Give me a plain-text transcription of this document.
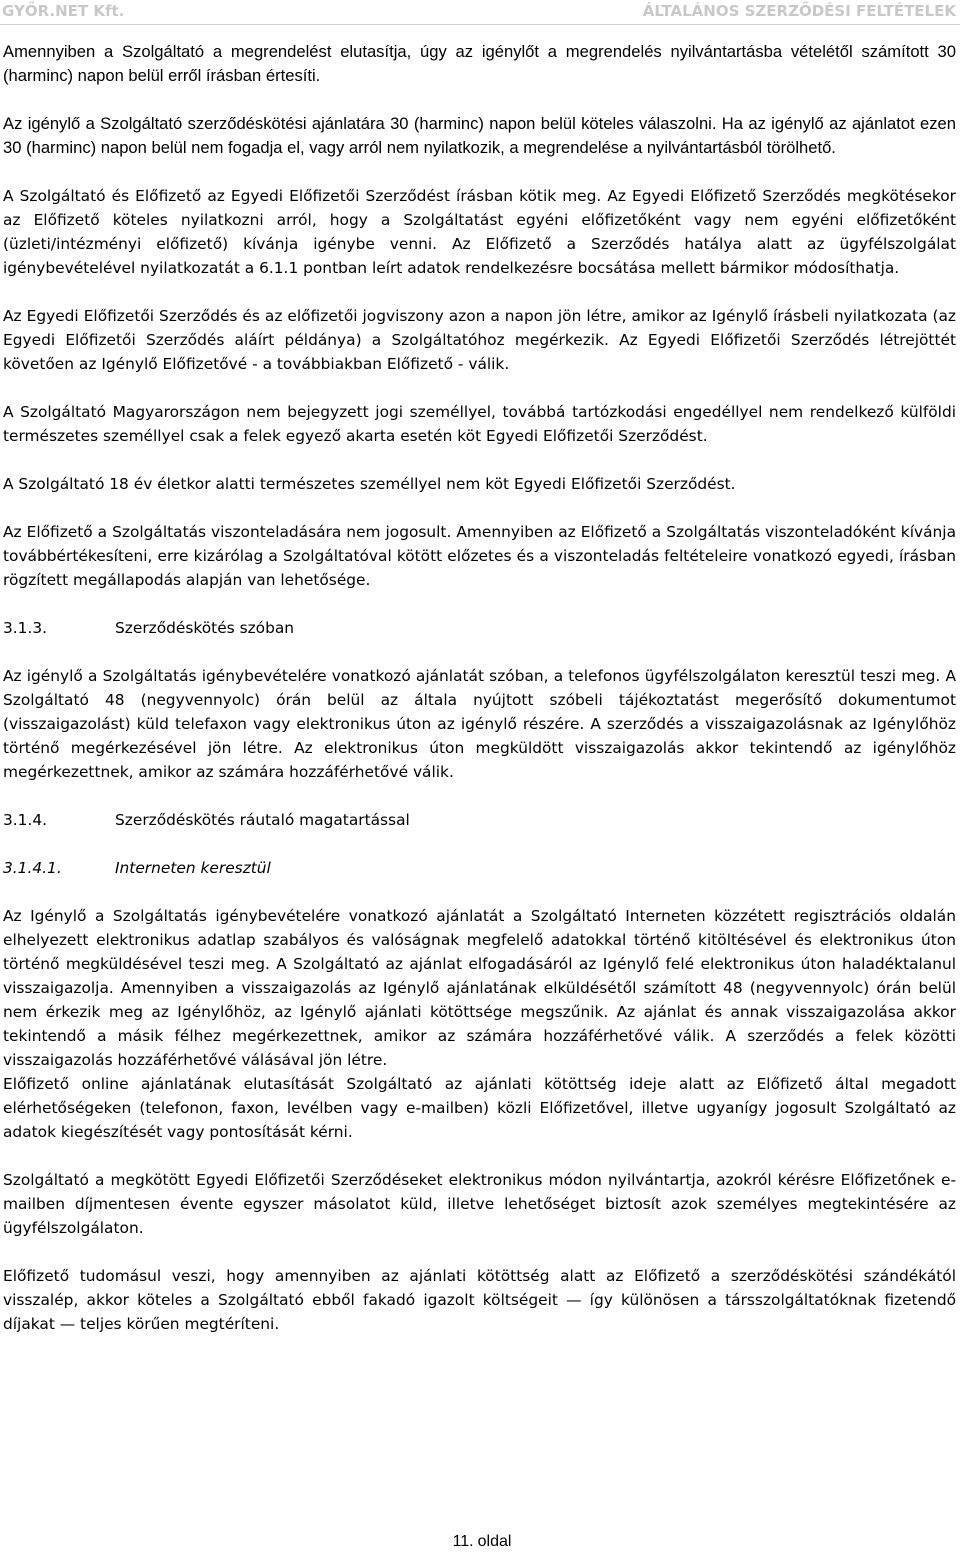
GYŐR.NET Kft.	ÁLTALÁNOS SZERZŐDÉSI FELTÉTELEK

Amennyiben a Szolgáltató a megrendelést elutasítja, úgy az igénylőt a megrendelés nyilvántartásba vételétől számított 30 (harminc) napon belül erről írásban értesíti.

Az igénylő a Szolgáltató szerződéskötési ajánlatára 30 (harminc) napon belül köteles válaszolni. Ha az igénylő az ajánlatot ezen 30 (harminc) napon belül nem fogadja el, vagy arról nem nyilatkozik, a megrendelése a nyilvántartásból törölhető.

A Szolgáltató és Előfizető az Egyedi Előfizetői Szerződést írásban kötik meg. Az Egyedi Előfizető Szerződés megkötésekor az Előfizető köteles nyilatkozni arról, hogy a Szolgáltatást egyéni előfizetőként vagy nem egyéni előfizetőként (üzleti/intézményi előfizető) kívánja igénybe venni. Az Előfizető a Szerződés hatálya alatt az ügyfélszolgálat igénybevételével nyilatkozatát a 6.1.1 pontban leírt adatok rendelkezésre bocsátása mellett bármikor módosíthatja.

Az Egyedi Előfizetői Szerződés és az előfizetői jogviszony azon a napon jön létre, amikor az Igénylő írásbeli nyilatkozata (az Egyedi Előfizetői Szerződés aláírt példánya) a Szolgáltatóhoz megérkezik. Az Egyedi Előfizetői Szerződés létrejöttét követően az Igénylő Előfizetővé - a továbbiakban Előfizető - válik.

A Szolgáltató Magyarországon nem bejegyzett jogi személlyel, továbbá tartózkodási engedéllyel nem rendelkező külföldi természetes személlyel csak a felek egyező akarta esetén köt Egyedi Előfizetői Szerződést.

A Szolgáltató 18 év életkor alatti természetes személlyel nem köt Egyedi Előfizetői Szerződést.

Az Előfizető a Szolgáltatás viszonteladására nem jogosult. Amennyiben az Előfizető a Szolgáltatás viszonteladóként kívánja továbbértékesíteni, erre kizárólag a Szolgáltatóval kötött előzetes és a viszonteladás feltételeire vonatkozó egyedi, írásban rögzített megállapodás alapján van lehetősége.

3.1.3.	Szerződéskötés szóban

Az igénylő a Szolgáltatás igénybevételére vonatkozó ajánlatát szóban, a telefonos ügyfélszolgálaton keresztül teszi meg. A Szolgáltató 48 (negyvennyolc) órán belül az általa nyújtott szóbeli tájékoztatást megerősítő dokumentumot (visszaigazolást) küld telefaxon vagy elektronikus úton az igénylő részére. A szerződés a visszaigazolásnak az Igénylőhöz történő megérkezésével jön létre. Az elektronikus úton megküldött visszaigazolás akkor tekintendő az igénylőhöz megérkezettnek, amikor az számára hozzáférhetővé válik.

3.1.4.	Szerződéskötés ráutaló magatartással
3.1.4.1.	Interneten keresztül

Az Igénylő a Szolgáltatás igénybevételére vonatkozó ajánlatát a Szolgáltató Interneten közzétett regisztrációs oldalán elhelyezett elektronikus adatlap szabályos és valóságnak megfelelő adatokkal történő kitöltésével és elektronikus úton történő megküldésével teszi meg. A Szolgáltató az ajánlat elfogadásáról az Igénylő felé elektronikus úton haladéktalanul visszaigazolja. Amennyiben a visszaigazolás az Igénylő ajánlatának elküldésétől számított 48 (negyvennyolc) órán belül nem érkezik meg az Igénylőhöz, az Igénylő ajánlati kötöttsége megszűnik. Az ajánlat és annak visszaigazolása akkor tekintendő a másik félhez megérkezettnek, amikor az számára hozzáférhetővé válik. A szerződés a felek közötti visszaigazolás hozzáférhetővé válásával jön létre.

Előfizető online ajánlatának elutasítását Szolgáltató az ajánlati kötöttség ideje alatt az Előfizető által megadott elérhetőségeken (telefonon, faxon, levélben vagy e-mailben) közli Előfizetővel, illetve ugyanígy jogosult Szolgáltató az adatok kiegészítését vagy pontosítását kérni.

Szolgáltató a megkötött Egyedi Előfizetői Szerződéseket elektronikus módon nyilvántartja, azokról kérésre Előfizetőnek e-mailben díjmentesen évente egyszer másolatot küld, illetve lehetőséget biztosít azok személyes megtekintésére az ügyfélszolgálaton.

Előfizető tudomásul veszi, hogy amennyiben az ajánlati kötöttség alatt az Előfizető a szerződéskötési szándékától visszalép, akkor köteles a Szolgáltató ebből fakadó igazolt költségeit — így különösen a társszolgáltatóknak fizetendő díjakat — teljes körűen megtéríteni.

11. oldal
